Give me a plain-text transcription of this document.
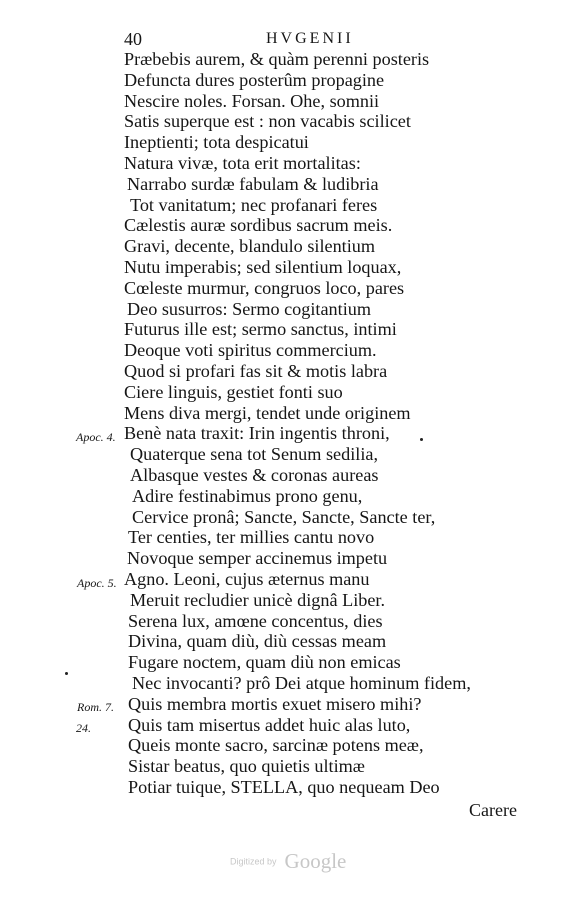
40	HVGENII
Præbebis aurem, & quàm perenni posteris
Defuncta dures posterûm propagine
Nescire noles. Forsan. Ohe, somnii
Satis superque est : non vacabis scilicet
Ineptienti; tota despicatui
Natura vivæ, tota erit mortalitas:
Narrabo surdæ fabulam & ludibria
Tot vanitatum; nec profanari feres
Cælestis auræ sordibus sacrum meis.
Gravi, decente, blandulo silentium
Nutu imperabis; sed silentium loquax,
Cœleste murmur, congruos loco, pares
Deo susurros: Sermo cogitantium
Futurus ille est; sermo sanctus, intimi
Deoque voti spiritus commercium.
Quod si profari fas sit & motis labra
Ciere linguis, gestiet fonti suo
Mens diva mergi, tendet unde originem
Benè nata traxit: Irin ingentis throni,
Quaterque sena tot Senum sedilia,
Albasque vestes & coronas aureas
Adire festinabimus prono genu,
Cervice pronâ; Sancte, Sancte, Sancte ter,
Ter centies, ter millies cantu novo
Novoque semper accinemus impetu
Agno. Leoni, cujus æternus manu
Meruit recludier unicè dignâ Liber.
Serena lux, amœne concentus, dies
Divina, quam diù, diù cessas meam
Fugare noctem, quam diù non emicas
Nec invocanti? prô Dei atque hominum fidem,
Quis membra mortis exuet misero mihi?
Quis tam misertus addet huic alas luto,
Queis monte sacro, sarcinæ potens meæ,
Sistar beatus, quo quietis ultimæ
Potiar tuique, STELLA, quo nequeam Deo
Apoc. 4.
Apoc. 5.
Rom. 7.
24.
Carere
Digitized by Google
